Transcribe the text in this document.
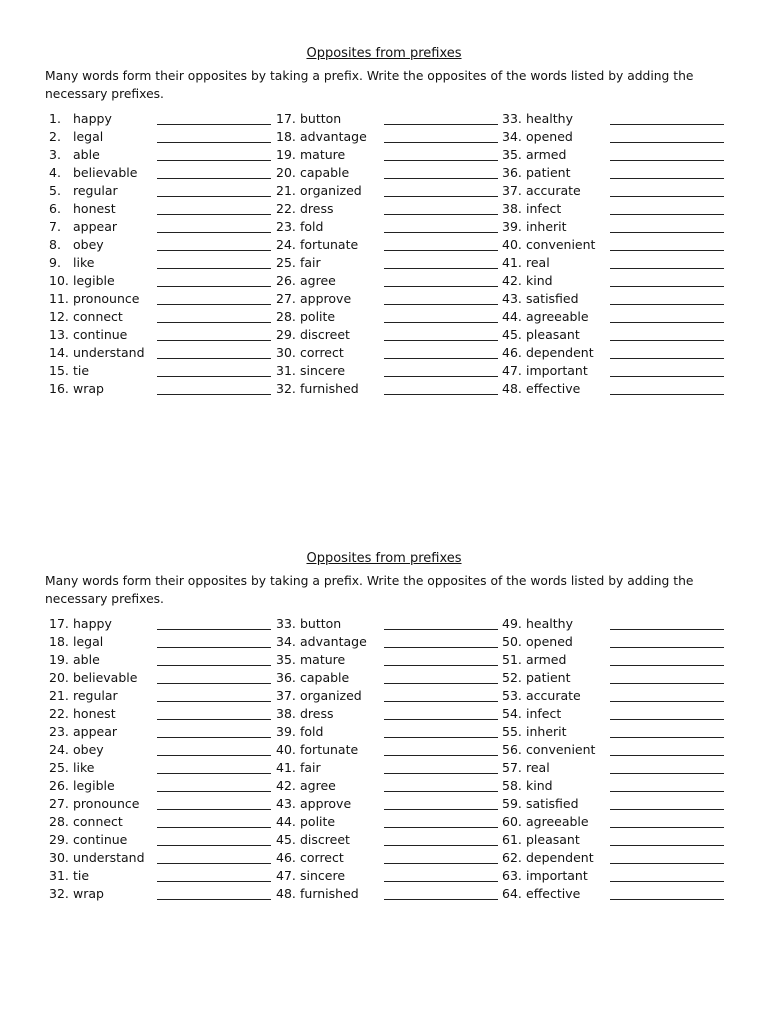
Opposites from prefixes
Many words form their opposites by taking a prefix. Write the opposites of the words listed by adding the necessary prefixes.
1. happy
2. legal
3. able
4. believable
5. regular
6. honest
7. appear
8. obey
9. like
10. legible
11. pronounce
12. connect
13. continue
14. understand
15. tie
16. wrap
17. button
18. advantage
19. mature
20. capable
21. organized
22. dress
23. fold
24. fortunate
25. fair
26. agree
27. approve
28. polite
29. discreet
30. correct
31. sincere
32. furnished
33. healthy
34. opened
35. armed
36. patient
37. accurate
38. infect
39. inherit
40. convenient
41. real
42. kind
43. satisfied
44. agreeable
45. pleasant
46. dependent
47. important
48. effective
Opposites from prefixes
Many words form their opposites by taking a prefix. Write the opposites of the words listed by adding the necessary prefixes.
17. happy
18. legal
19. able
20. believable
21. regular
22. honest
23. appear
24. obey
25. like
26. legible
27. pronounce
28. connect
29. continue
30. understand
31. tie
32. wrap
33. button
34. advantage
35. mature
36. capable
37. organized
38. dress
39. fold
40. fortunate
41. fair
42. agree
43. approve
44. polite
45. discreet
46. correct
47. sincere
48. furnished
49. healthy
50. opened
51. armed
52. patient
53. accurate
54. infect
55. inherit
56. convenient
57. real
58. kind
59. satisfied
60. agreeable
61. pleasant
62. dependent
63. important
64. effective
